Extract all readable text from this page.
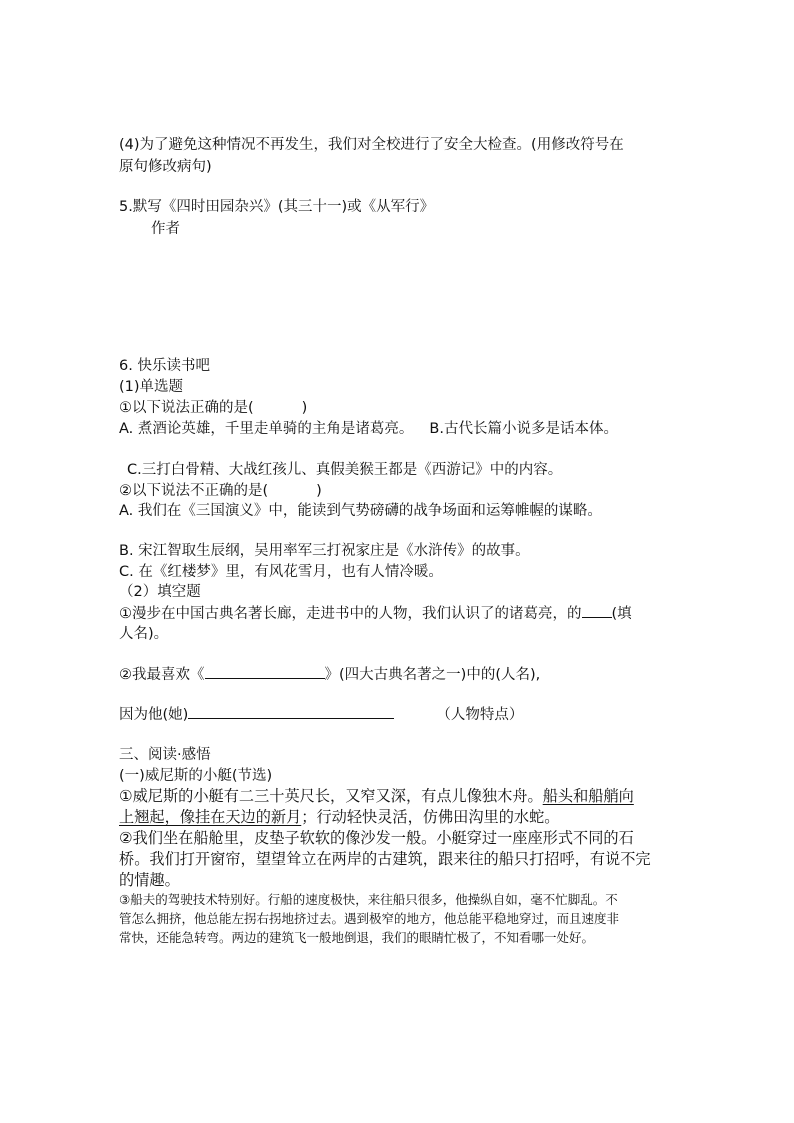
(4)为了避免这种情况不再发生，我们对全校进行了安全大检查。(用修改符号在
原句修改病句)
5.默写《四时田园杂兴》(其三十一)或《从军行》
作者
6. 快乐读书吧
(1)单选题
①以下说法正确的是(	)
A. 煮酒论英雄，千里走单骑的主角是诸葛亮。 B.古代长篇小说多是话本体。
C.三打白骨精、大战红孩儿、真假美猴王都是《西游记》中的内容。
②以下说法不正确的是(	)
A. 我们在《三国演义》中，能读到气势磅礴的战争场面和运筹帷幄的谋略。
B. 宋江智取生辰纲，吴用率军三打祝家庄是《水浒传》的故事。
C. 在《红楼梦》里，有风花雪月，也有人情冷暖。
（2）填空题
①漫步在中国古典名著长廊，走进书中的人物，我们认识了的诸葛亮，的 (填
人名)。
②我最喜欢《	》(四大古典名著之一)中的(人名),
因为他(她)	（人物特点）
三、阅读·感悟
(一)威尼斯的小艇(节选)
①威尼斯的小艇有二三十英尺长，又窄又深，有点儿像独木舟。船头和船艄向
上翘起，像挂在天边的新月；行动轻快灵活，仿佛田沟里的水蛇。
②我们坐在船舱里，皮垫子软软的像沙发一般。小艇穿过一座座形式不同的石
桥。我们打开窗帘，望望耸立在两岸的古建筑，跟来往的船只打招呼，有说不完
的情趣。
③船夫的驾驶技术特别好。行船的速度极快，来往船只很多，他操纵自如，毫不忙脚乱。不
管怎么拥挤，他总能左拐右拐地挤过去。遇到极窄的地方，他总能平稳地穿过，而且速度非
常快，还能急转弯。两边的建筑飞一般地倒退，我们的眼睛忙极了，不知看哪一处好。
